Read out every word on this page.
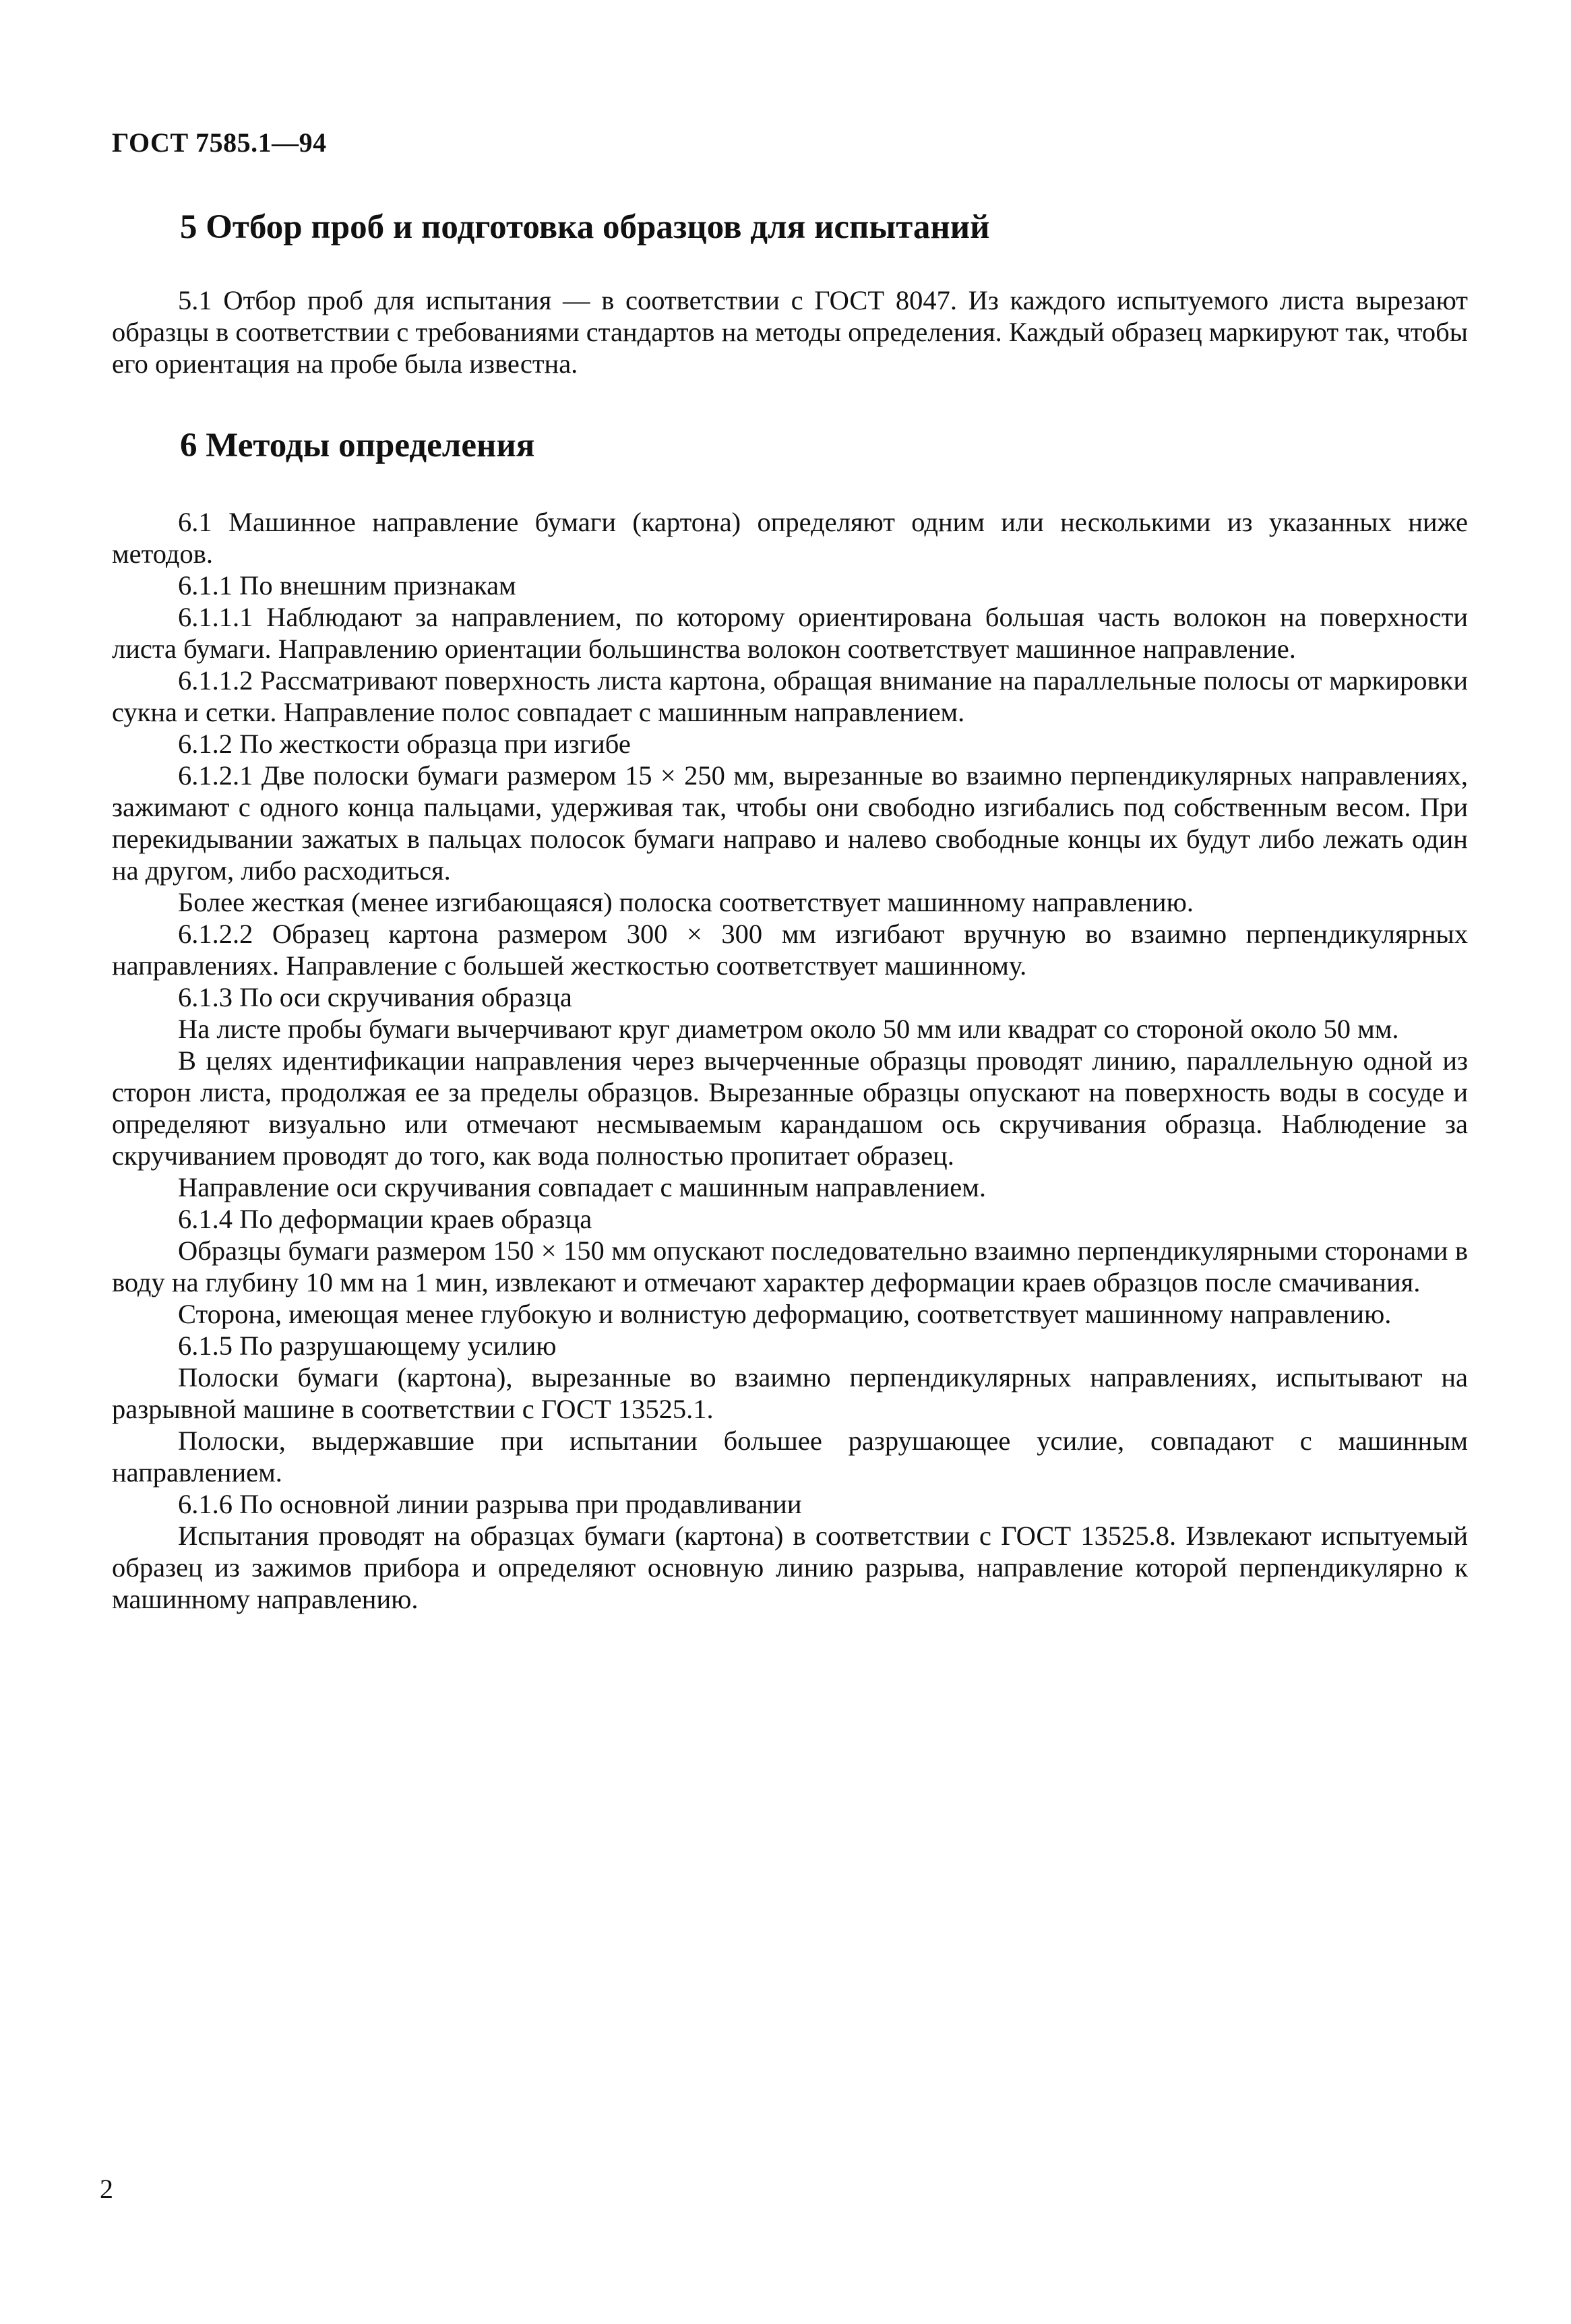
ГОСТ 7585.1—94
5 Отбор проб и подготовка образцов для испытаний

5.1 Отбор проб для испытания — в соответствии с ГОСТ 8047. Из каждого испытуемого листа вырезают образцы в соответствии с требованиями стандартов на методы определения. Каждый образец маркируют так, чтобы его ориентация на пробе была известна.

6 Методы определения

6.1 Машинное направление бумаги (картона) определяют одним или несколькими из указанных ниже методов.

6.1.1 По внешним признакам

6.1.1.1 Наблюдают за направлением, по которому ориентирована большая часть волокон на поверхности листа бумаги. Направлению ориентации большинства волокон соответствует машинное направление.

6.1.1.2 Рассматривают поверхность листа картона, обращая внимание на параллельные полосы от маркировки сукна и сетки. Направление полос совпадает с машинным направлением.

6.1.2 По жесткости образца при изгибе

6.1.2.1 Две полоски бумаги размером 15 × 250 мм, вырезанные во взаимно перпендикулярных направлениях, зажимают с одного конца пальцами, удерживая так, чтобы они свободно изгибались под собственным весом. При перекидывании зажатых в пальцах полосок бумаги направо и налево свободные концы их будут либо лежать один на другом, либо расходиться.

Более жесткая (менее изгибающаяся) полоска соответствует машинному направлению.

6.1.2.2 Образец картона размером 300 × 300 мм изгибают вручную во взаимно перпендикулярных направлениях. Направление с большей жесткостью соответствует машинному.

6.1.3 По оси скручивания образца

На листе пробы бумаги вычерчивают круг диаметром около 50 мм или квадрат со стороной около 50 мм.

В целях идентификации направления через вычерченные образцы проводят линию, параллельную одной из сторон листа, продолжая ее за пределы образцов. Вырезанные образцы опускают на поверхность воды в сосуде и определяют визуально или отмечают несмываемым карандашом ось скручивания образца. Наблюдение за скручиванием проводят до того, как вода полностью пропитает образец.

Направление оси скручивания совпадает с машинным направлением.

6.1.4 По деформации краев образца

Образцы бумаги размером 150 × 150 мм опускают последовательно взаимно перпендикулярными сторонами в воду на глубину 10 мм на 1 мин, извлекают и отмечают характер деформации краев образцов после смачивания.

Сторона, имеющая менее глубокую и волнистую деформацию, соответствует машинному направлению.

6.1.5 По разрушающему усилию

Полоски бумаги (картона), вырезанные во взаимно перпендикулярных направлениях, испытывают на разрывной машине в соответствии с ГОСТ 13525.1.

Полоски, выдержавшие при испытании большее разрушающее усилие, совпадают с машинным направлением.

6.1.6 По основной линии разрыва при продавливании

Испытания проводят на образцах бумаги (картона) в соответствии с ГОСТ 13525.8. Извлекают испытуемый образец из зажимов прибора и определяют основную линию разрыва, направление которой перпендикулярно к машинному направлению.

2
